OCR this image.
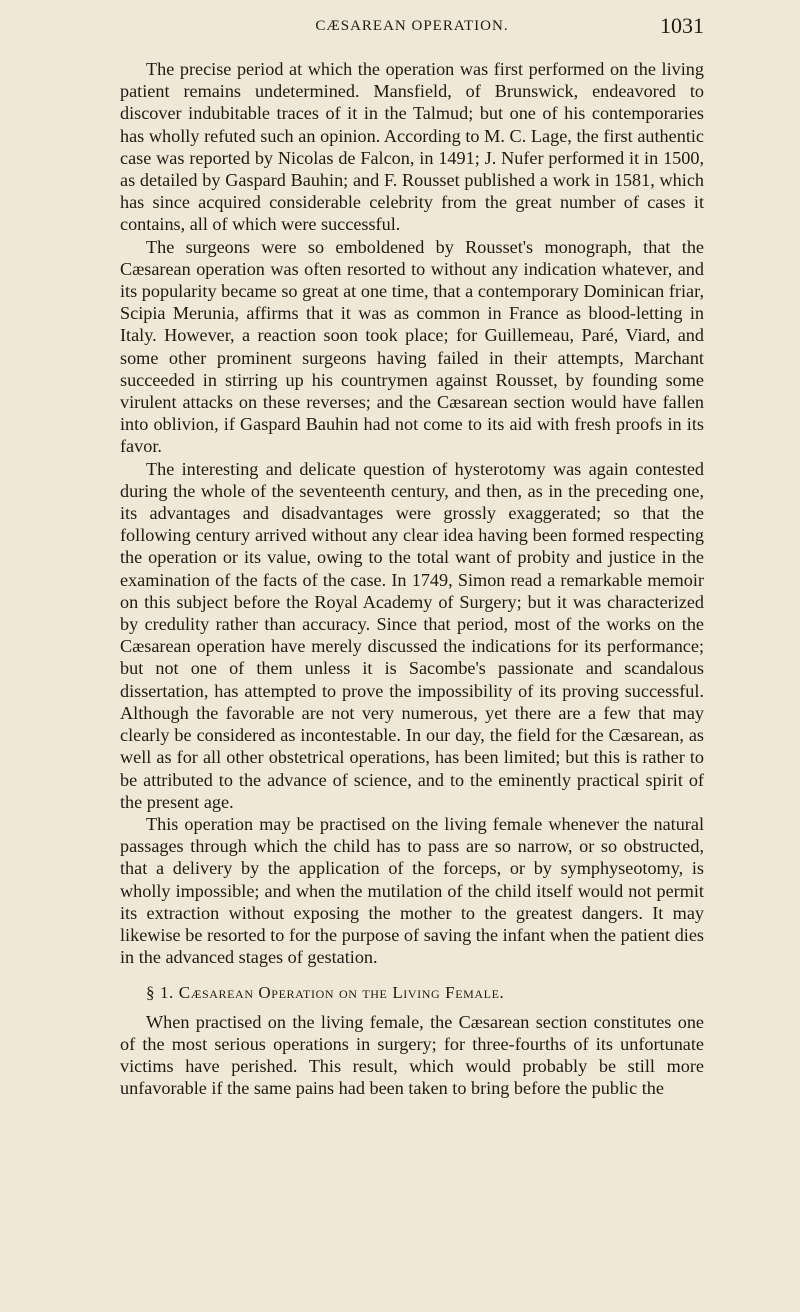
CÆSAREAN OPERATION.	1031

The precise period at which the operation was first performed on the living patient remains undetermined. Mansfield, of Brunswick, endeavored to discover indubitable traces of it in the Talmud; but one of his contemporaries has wholly refuted such an opinion. According to M. C. Lage, the first authentic case was reported by Nicolas de Falcon, in 1491; J. Nufer performed it in 1500, as detailed by Gaspard Bauhin; and F. Rousset published a work in 1581, which has since acquired considerable celebrity from the great number of cases it contains, all of which were successful.

The surgeons were so emboldened by Rousset's monograph, that the Cæsarean operation was often resorted to without any indication whatever, and its popularity became so great at one time, that a contemporary Dominican friar, Scipia Merunia, affirms that it was as common in France as blood-letting in Italy. However, a reaction soon took place; for Guillemeau, Paré, Viard, and some other prominent surgeons having failed in their attempts, Marchant succeeded in stirring up his countrymen against Rousset, by founding some virulent attacks on these reverses; and the Cæsarean section would have fallen into oblivion, if Gaspard Bauhin had not come to its aid with fresh proofs in its favor.

The interesting and delicate question of hysterotomy was again contested during the whole of the seventeenth century, and then, as in the preceding one, its advantages and disadvantages were grossly exaggerated; so that the following century arrived without any clear idea having been formed respecting the operation or its value, owing to the total want of probity and justice in the examination of the facts of the case. In 1749, Simon read a remarkable memoir on this subject before the Royal Academy of Surgery; but it was characterized by credulity rather than accuracy. Since that period, most of the works on the Cæsarean operation have merely discussed the indications for its performance; but not one of them unless it is Sacombe's passionate and scandalous dissertation, has attempted to prove the impossibility of its proving successful. Although the favorable are not very numerous, yet there are a few that may clearly be considered as incontestable. In our day, the field for the Cæsarean, as well as for all other obstetrical operations, has been limited; but this is rather to be attributed to the advance of science, and to the eminently practical spirit of the present age.

This operation may be practised on the living female whenever the natural passages through which the child has to pass are so narrow, or so obstructed, that a delivery by the application of the forceps, or by symphyseotomy, is wholly impossible; and when the mutilation of the child itself would not permit its extraction without exposing the mother to the greatest dangers. It may likewise be resorted to for the purpose of saving the infant when the patient dies in the advanced stages of gestation.

§ 1. Cæsarean Operation on the Living Female.

When practised on the living female, the Cæsarean section constitutes one of the most serious operations in surgery; for three-fourths of its unfortunate victims have perished. This result, which would probably be still more unfavorable if the same pains had been taken to bring before the public the
